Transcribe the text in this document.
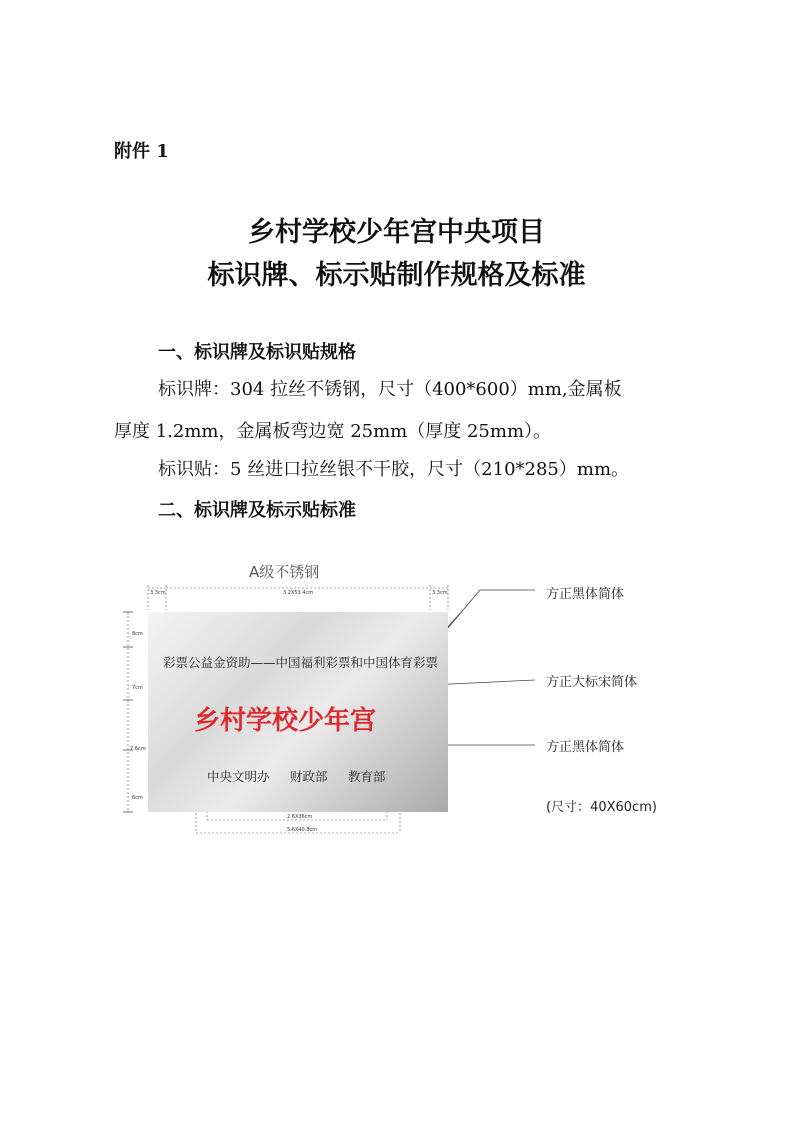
附件 1
乡村学校少年宫中央项目
标识牌、标示贴制作规格及标准
一、标识牌及标识贴规格
标识牌：304 拉丝不锈钢，尺寸（400*600）mm,金属板
厚度 1.2mm，金属板弯边宽 25mm（厚度 25mm）。
标识贴：5 丝进口拉丝银不干胶，尺寸（210*285）mm。
二、标识牌及标示贴标准
A级不锈钢
3.3cm	3.2X53.4cm	3.3cm
8cm
7cm
7.6cm
6cm
彩票公益金资助——中国福利彩票和中国体育彩票
乡村学校少年宫
中央文明办 财政部 教育部
2.6X36cm
5.6X40.8cm
方正黑体简体
方正大标宋简体
方正黑体简体
(尺寸：40X60cm)
